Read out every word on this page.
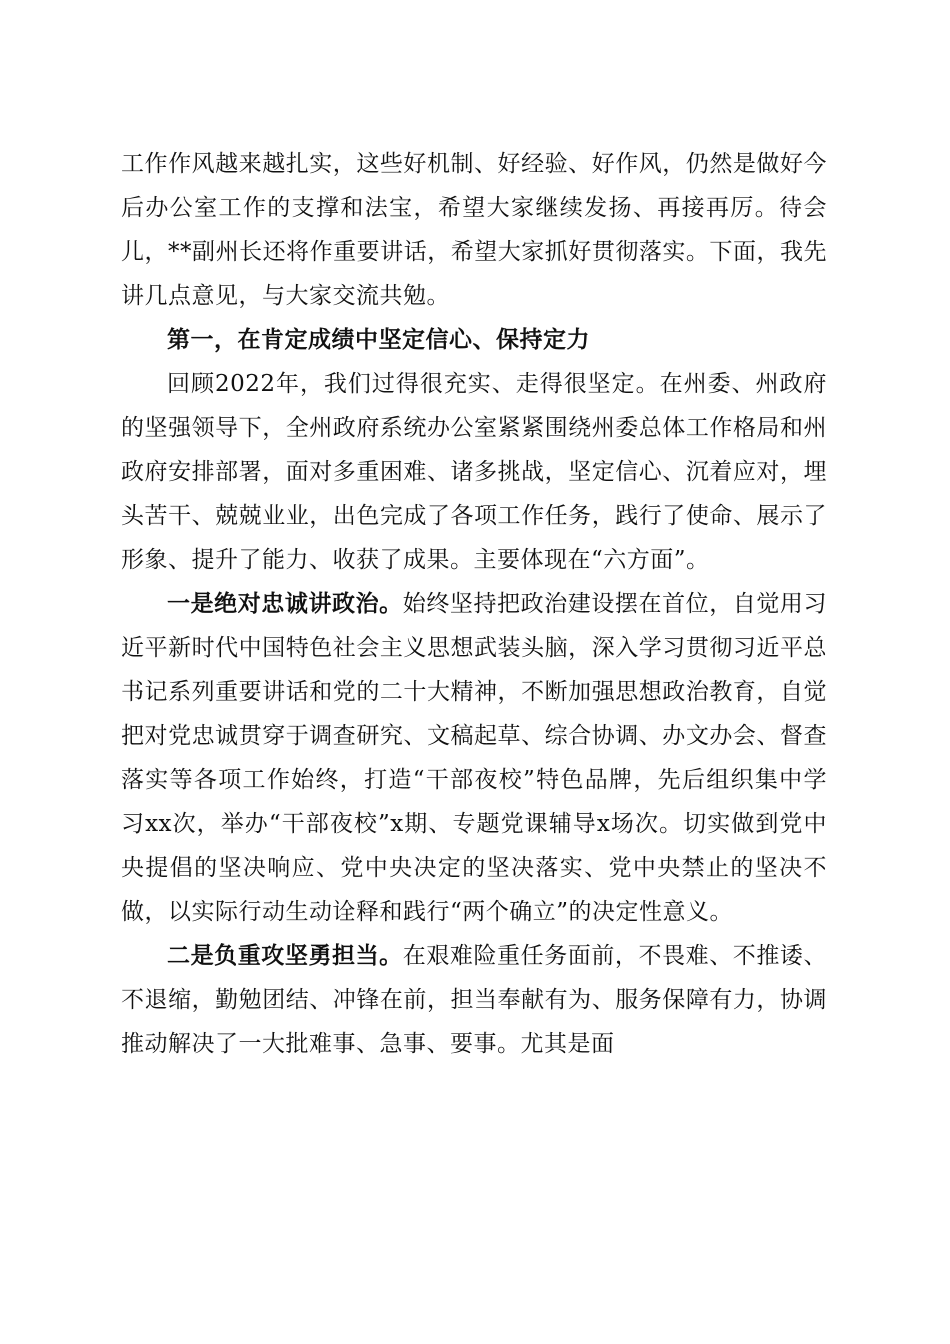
工作作风越来越扎实，这些好机制、好经验、好作风，仍然是做好今后办公室工作的支撑和法宝，希望大家继续发扬、再接再厉。待会儿，**副州长还将作重要讲话，希望大家抓好贯彻落实。下面，我先讲几点意见，与大家交流共勉。

第一，在肯定成绩中坚定信心、保持定力

回顾2022年，我们过得很充实、走得很坚定。在州委、州政府的坚强领导下，全州政府系统办公室紧紧围绕州委总体工作格局和州政府安排部署，面对多重困难、诸多挑战，坚定信心、沉着应对，埋头苦干、兢兢业业，出色完成了各项工作任务，践行了使命、展示了形象、提升了能力、收获了成果。主要体现在“六方面”。

一是绝对忠诚讲政治。始终坚持把政治建设摆在首位，自觉用习近平新时代中国特色社会主义思想武装头脑，深入学习贯彻习近平总书记系列重要讲话和党的二十大精神，不断加强思想政治教育，自觉把对党忠诚贯穿于调查研究、文稿起草、综合协调、办文办会、督查落实等各项工作始终，打造“干部夜校”特色品牌，先后组织集中学习xx次，举办“干部夜校”x期、专题党课辅导x场次。切实做到党中央提倡的坚决响应、党中央决定的坚决落实、党中央禁止的坚决不做，以实际行动生动诠释和践行“两个确立”的决定性意义。

二是负重攻坚勇担当。在艰难险重任务面前，不畏难、不推诿、不退缩，勤勉团结、冲锋在前，担当奉献有为、服务保障有力，协调推动解决了一大批难事、急事、要事。尤其是面
